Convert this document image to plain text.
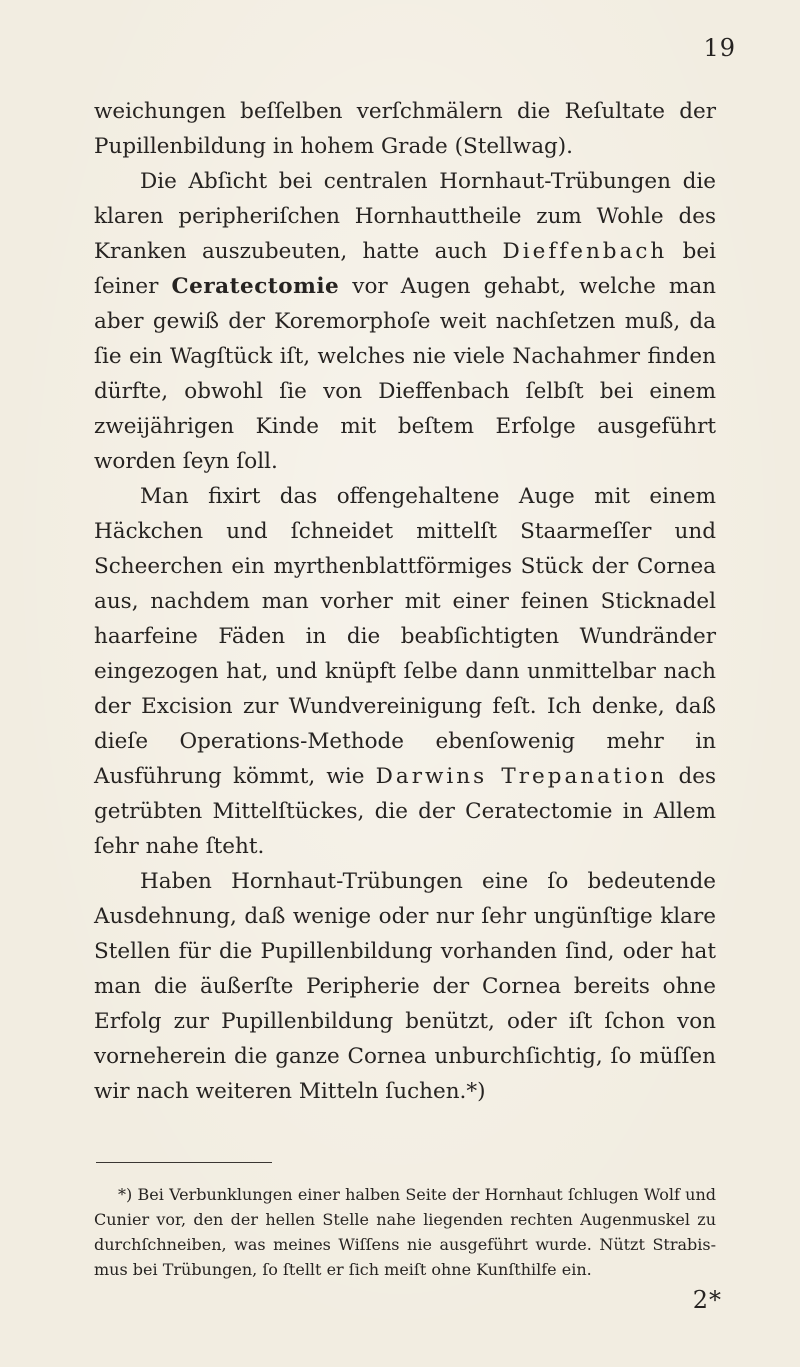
19

weichungen beſſelben verſchmälern die Reſultate der Pupillenbildung in hohem Grade (Stellwag).

Die Abſicht bei centralen Hornhaut-Trübungen die klaren peripheriſchen Hornhauttheile zum Wohle des Kranken auszubeuten, hatte auch Dieffenbach bei ſeiner Ceratectomie vor Augen gehabt, welche man aber gewiß der Koremorphoſe weit nachſetzen muß, da ſie ein Wagſtück iſt, welches nie viele Nachahmer finden dürfte, obwohl ſie von Dieffenbach ſelbſt bei einem zweijährigen Kinde mit beſtem Erfolge ausgeführt worden ſeyn ſoll.

Man fixirt das offengehaltene Auge mit einem Häckchen und ſchneidet mittelſt Staarmeſſer und Scheerchen ein myrthenblattförmiges Stück der Cornea aus, nachdem man vorher mit einer feinen Sticknadel haarfeine Fäden in die beabſichtigten Wundränder eingezogen hat, und knüpft ſelbe dann unmittelbar nach der Excision zur Wundvereinigung feſt. Ich denke, daß dieſe Operations-Methode ebenſowenig mehr in Ausführung kömmt, wie Darwins Trepanation des getrübten Mittelſtückes, die der Ceratectomie in Allem ſehr nahe ſteht.

Haben Hornhaut-Trübungen eine ſo bedeutende Ausdehnung, daß wenige oder nur ſehr ungünſtige klare Stellen für die Pupillenbildung vorhanden ſind, oder hat man die äußerſte Peripherie der Cornea bereits ohne Erfolg zur Pupillenbildung benützt, oder iſt ſchon von vorneherein die ganze Cornea unburchſichtig, ſo müſſen wir nach weiteren Mitteln ſuchen.*)

*) Bei Verbunklungen einer halben Seite der Hornhaut ſchlugen Wolf und Cunier vor, den der hellen Stelle nahe liegenden rechten Augenmuskel zu durchſchneiben, was meines Wiſſens nie ausgeführt wurde. Nützt Strabismus bei Trübungen, ſo ſtellt er ſich meiſt ohne Kunſthilfe ein.
2*
